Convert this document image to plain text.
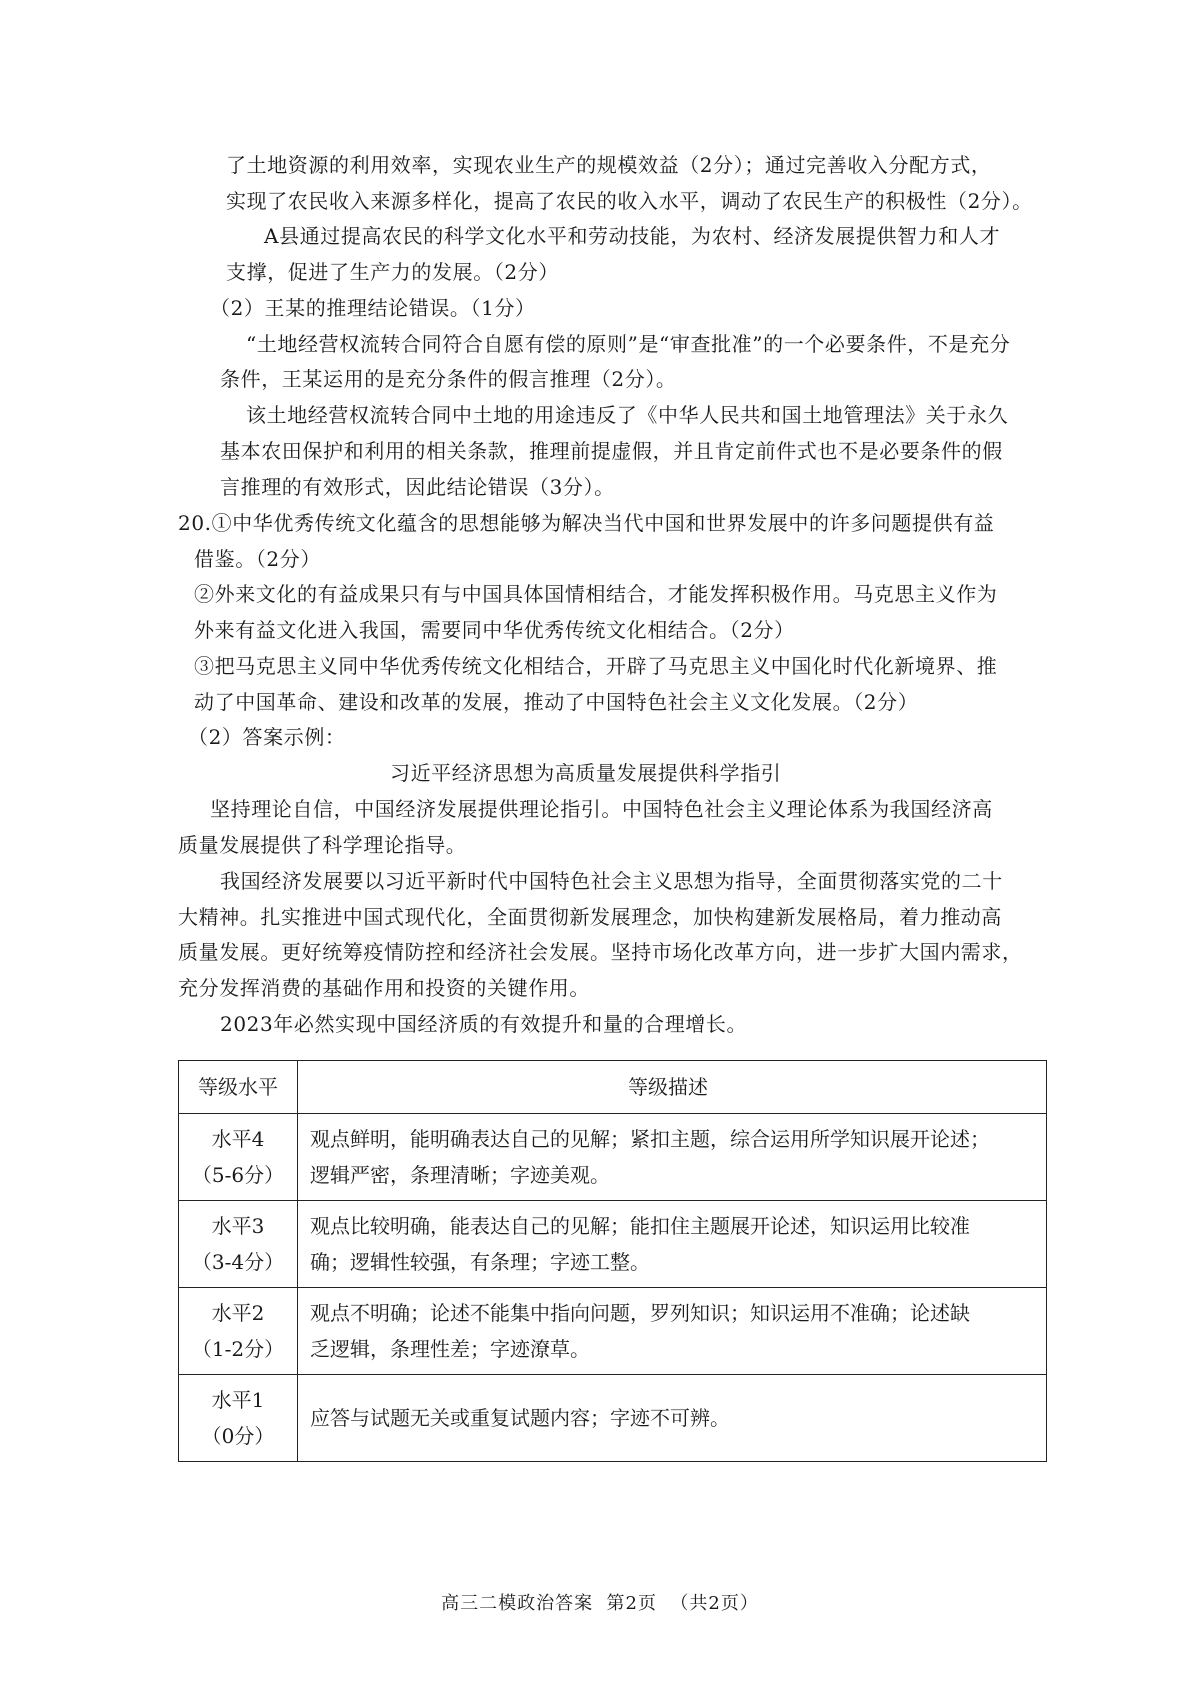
了土地资源的利用效率，实现农业生产的规模效益（2分）；通过完善收入分配方式，
实现了农民收入来源多样化，提高了农民的收入水平，调动了农民生产的积极性（2分）。
A县通过提高农民的科学文化水平和劳动技能，为农村、经济发展提供智力和人才
支撑，促进了生产力的发展。（2分）
（2）王某的推理结论错误。（1分）
“土地经营权流转合同符合自愿有偿的原则”是“审查批准”的一个必要条件，不是充分
条件，王某运用的是充分条件的假言推理（2分）。
该土地经营权流转合同中土地的用途违反了《中华人民共和国土地管理法》关于永久
基本农田保护和利用的相关条款，推理前提虚假，并且肯定前件式也不是必要条件的假
言推理的有效形式，因此结论错误（3分）。
20.①中华优秀传统文化蕴含的思想能够为解决当代中国和世界发展中的许多问题提供有益
借鉴。（2分）
②外来文化的有益成果只有与中国具体国情相结合，才能发挥积极作用。马克思主义作为
外来有益文化进入我国，需要同中华优秀传统文化相结合。（2分）
③把马克思主义同中华优秀传统文化相结合，开辟了马克思主义中国化时代化新境界、推
动了中国革命、建设和改革的发展，推动了中国特色社会主义文化发展。（2分）
（2）答案示例：
习近平经济思想为高质量发展提供科学指引
坚持理论自信，中国经济发展提供理论指引。中国特色社会主义理论体系为我国经济高
质量发展提供了科学理论指导。
我国经济发展要以习近平新时代中国特色社会主义思想为指导，全面贯彻落实党的二十
大精神。扎实推进中国式现代化，全面贯彻新发展理念，加快构建新发展格局，着力推动高
质量发展。更好统筹疫情防控和经济社会发展。坚持市场化改革方向，进一步扩大国内需求，
充分发挥消费的基础作用和投资的关键作用。
2023年必然实现中国经济质的有效提升和量的合理增长。
等级水平	等级描述

水平4
（5-6分）	观点鲜明，能明确表达自己的见解；紧扣主题，综合运用所学知识展开论述；
逻辑严密，条理清晰；字迹美观。

水平3
（3-4分）	观点比较明确，能表达自己的见解；能扣住主题展开论述，知识运用比较准
确；逻辑性较强，有条理；字迹工整。

水平2
（1-2分）	观点不明确；论述不能集中指向问题，罗列知识；知识运用不准确；论述缺
乏逻辑，条理性差；字迹潦草。

水平1
（0分）	应答与试题无关或重复试题内容；字迹不可辨。
高三二模政治答案  第2页  （共2页）
